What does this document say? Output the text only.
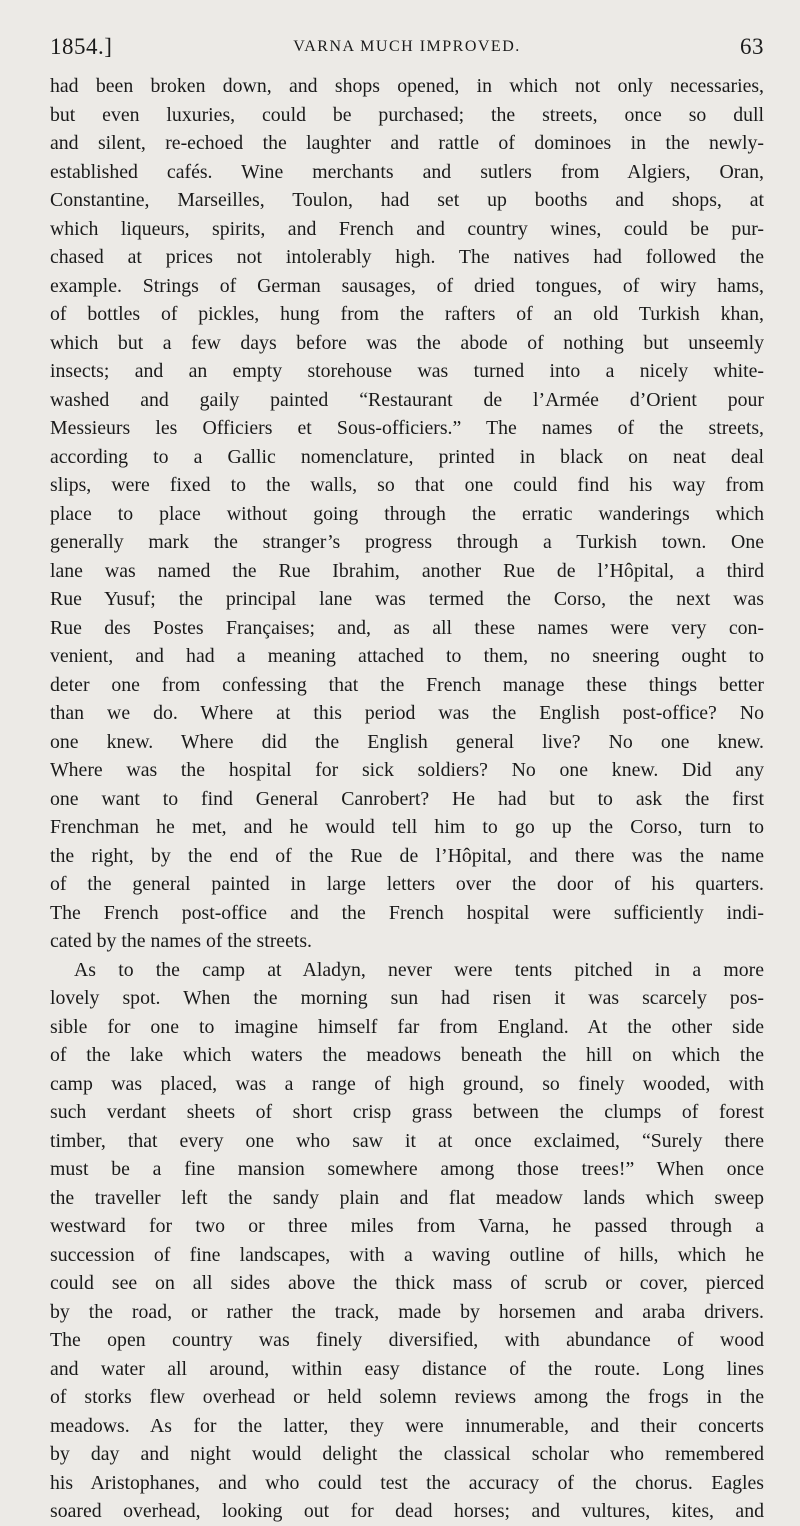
1854.]	VARNA MUCH IMPROVED.	63
had been broken down, and shops opened, in which not only necessaries,
but even luxuries, could be purchased; the streets, once so dull
and silent, re-echoed the laughter and rattle of dominoes in the newly-
established cafés. Wine merchants and sutlers from Algiers, Oran,
Constantine, Marseilles, Toulon, had set up booths and shops, at
which liqueurs, spirits, and French and country wines, could be pur-
chased at prices not intolerably high. The natives had followed the
example. Strings of German sausages, of dried tongues, of wiry hams,
of bottles of pickles, hung from the rafters of an old Turkish khan,
which but a few days before was the abode of nothing but unseemly
insects; and an empty storehouse was turned into a nicely white-
washed and gaily painted “Restaurant de l’Armée d’Orient pour
Messieurs les Officiers et Sous-officiers.” The names of the streets,
according to a Gallic nomenclature, printed in black on neat deal
slips, were fixed to the walls, so that one could find his way from
place to place without going through the erratic wanderings which
generally mark the stranger’s progress through a Turkish town. One
lane was named the Rue Ibrahim, another Rue de l’Hôpital, a third
Rue Yusuf; the principal lane was termed the Corso, the next was
Rue des Postes Françaises; and, as all these names were very con-
venient, and had a meaning attached to them, no sneering ought to
deter one from confessing that the French manage these things better
than we do. Where at this period was the English post-office? No
one knew. Where did the English general live? No one knew.
Where was the hospital for sick soldiers? No one knew. Did any
one want to find General Canrobert? He had but to ask the first
Frenchman he met, and he would tell him to go up the Corso, turn to
the right, by the end of the Rue de l’Hôpital, and there was the name
of the general painted in large letters over the door of his quarters.
The French post-office and the French hospital were sufficiently indi-
cated by the names of the streets.
As to the camp at Aladyn, never were tents pitched in a more
lovely spot. When the morning sun had risen it was scarcely pos-
sible for one to imagine himself far from England. At the other side
of the lake which waters the meadows beneath the hill on which the
camp was placed, was a range of high ground, so finely wooded, with
such verdant sheets of short crisp grass between the clumps of forest
timber, that every one who saw it at once exclaimed, “Surely there
must be a fine mansion somewhere among those trees!” When once
the traveller left the sandy plain and flat meadow lands which sweep
westward for two or three miles from Varna, he passed through a
succession of fine landscapes, with a waving outline of hills, which he
could see on all sides above the thick mass of scrub or cover, pierced
by the road, or rather the track, made by horsemen and araba drivers.
The open country was finely diversified, with abundance of wood
and water all around, within easy distance of the route. Long lines
of storks flew overhead or held solemn reviews among the frogs in the
meadows. As for the latter, they were innumerable, and their concerts
by day and night would delight the classical scholar who remembered
his Aristophanes, and who could test the accuracy of the chorus. Eagles
soared overhead, looking out for dead horses; and vultures, kites, and
